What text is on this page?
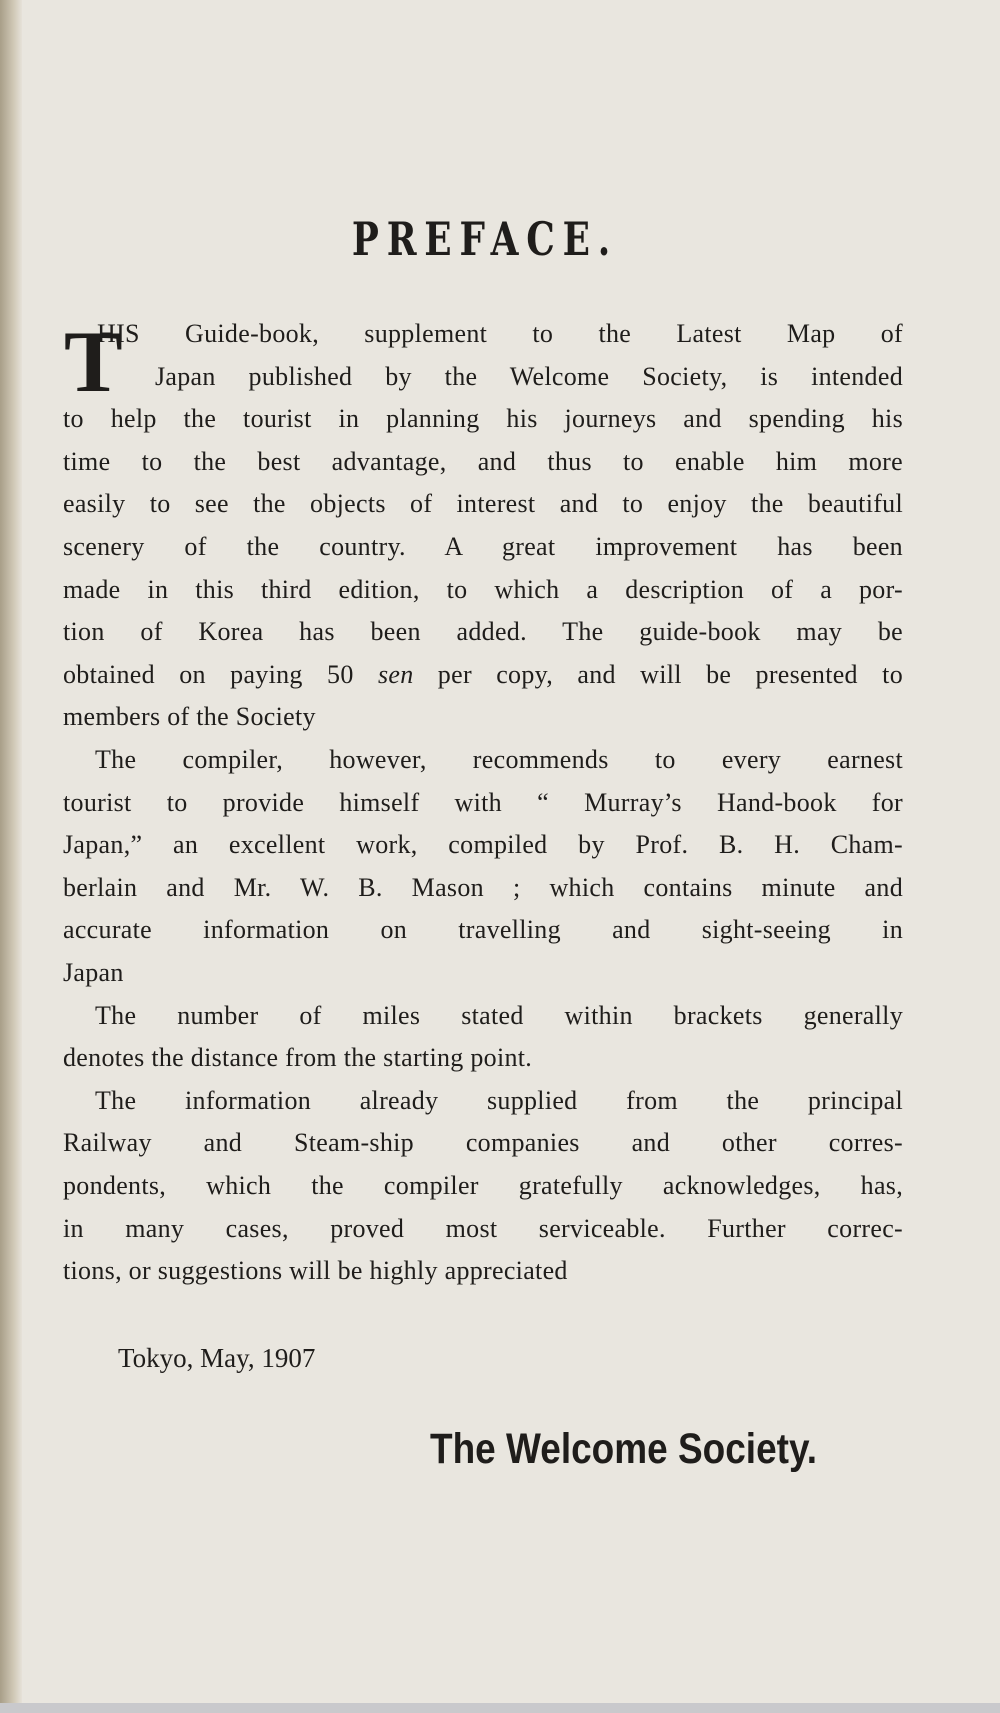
PREFACE.
T
HIS Guide-book, supplement to the Latest Map of
Japan published by the Welcome Society, is intended
to help the tourist in planning his journeys and spending his
time to the best advantage, and thus to enable him more
easily to see the objects of interest and to enjoy the beautiful
scenery of the country. A great improvement has been
made in this third edition, to which a description of a por-
tion of Korea has been added. The guide-book may be
obtained on paying 50 sen per copy, and will be presented to
members of the Society
The compiler, however, recommends to every earnest
tourist to provide himself with “ Murray’s Hand-book for
Japan,” an excellent work, compiled by Prof. B. H. Cham-
berlain and Mr. W. B. Mason ; which contains minute and
accurate information on travelling and sight-seeing in
Japan
The number of miles stated within brackets generally
denotes the distance from the starting point.
The information already supplied from the principal
Railway and Steam-ship companies and other corres-
pondents, which the compiler gratefully acknowledges, has,
in many cases, proved most serviceable. Further correc-
tions, or suggestions will be highly appreciated
Tokyo, May, 1907
The Welcome Society.
